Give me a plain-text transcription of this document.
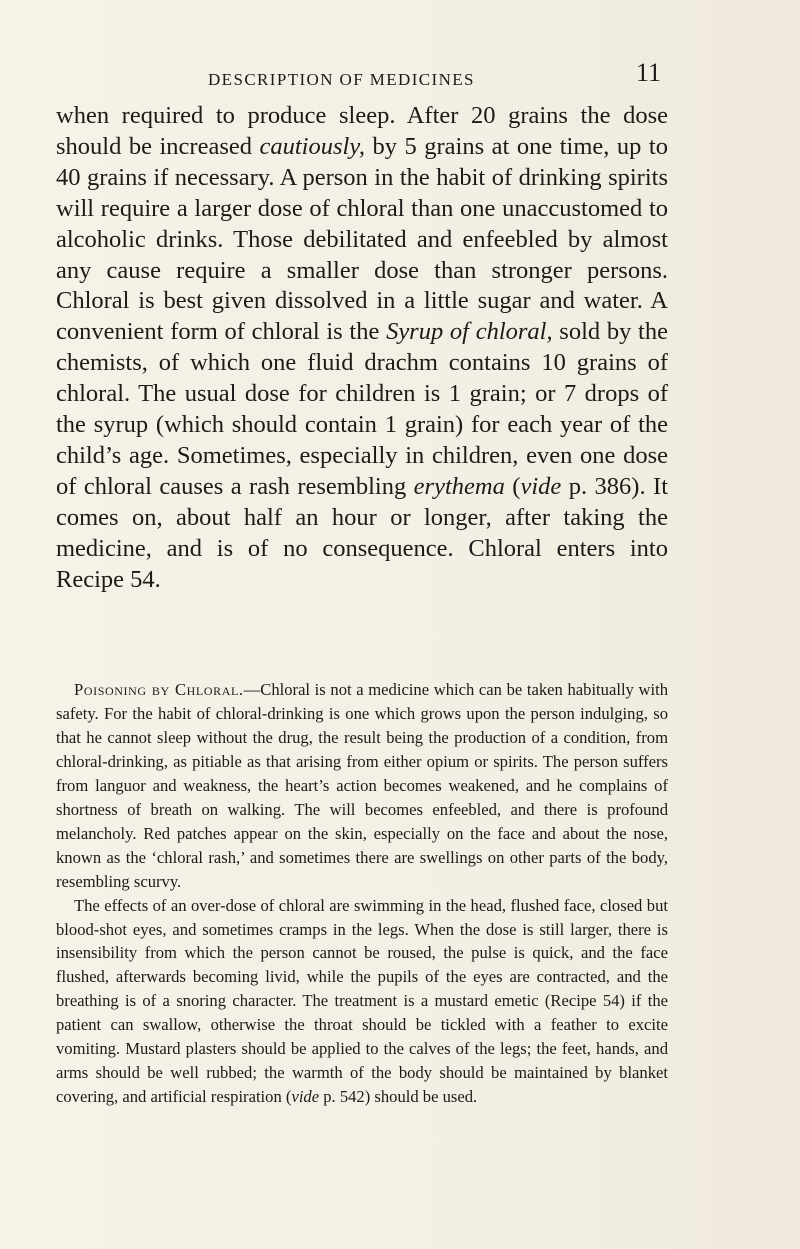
DESCRIPTION OF MEDICINES	11

when required to produce sleep. After 20 grains the dose should be increased cautiously, by 5 grains at one time, up to 40 grains if necessary. A person in the habit of drinking spirits will require a larger dose of chloral than one unaccustomed to alcoholic drinks. Those debilitated and enfeebled by almost any cause require a smaller dose than stronger persons. Chloral is best given dissolved in a little sugar and water. A convenient form of chloral is the Syrup of chloral, sold by the chemists, of which one fluid drachm contains 10 grains of chloral. The usual dose for children is 1 grain; or 7 drops of the syrup (which should contain 1 grain) for each year of the child’s age. Sometimes, especially in children, even one dose of chloral causes a rash resembling erythema (vide p. 386). It comes on, about half an hour or longer, after taking the medicine, and is of no consequence. Chloral enters into Recipe 54.

Poisoning by Chloral.—Chloral is not a medicine which can be taken habitually with safety. For the habit of chloral-drinking is one which grows upon the person indulging, so that he cannot sleep without the drug, the result being the production of a condition, from chloral-drinking, as pitiable as that arising from either opium or spirits. The person suffers from languor and weakness, the heart’s action becomes weakened, and he complains of shortness of breath on walking. The will becomes enfeebled, and there is profound melancholy. Red patches appear on the skin, especially on the face and about the nose, known as the ‘chloral rash,’ and sometimes there are swellings on other parts of the body, resembling scurvy.

The effects of an over-dose of chloral are swimming in the head, flushed face, closed but blood-shot eyes, and sometimes cramps in the legs. When the dose is still larger, there is insensibility from which the person cannot be roused, the pulse is quick, and the face flushed, afterwards becoming livid, while the pupils of the eyes are contracted, and the breathing is of a snoring character. The treatment is a mustard emetic (Recipe 54) if the patient can swallow, otherwise the throat should be tickled with a feather to excite vomiting. Mustard plasters should be applied to the calves of the legs; the feet, hands, and arms should be well rubbed; the warmth of the body should be maintained by blanket covering, and artificial respiration (vide p. 542) should be used.
